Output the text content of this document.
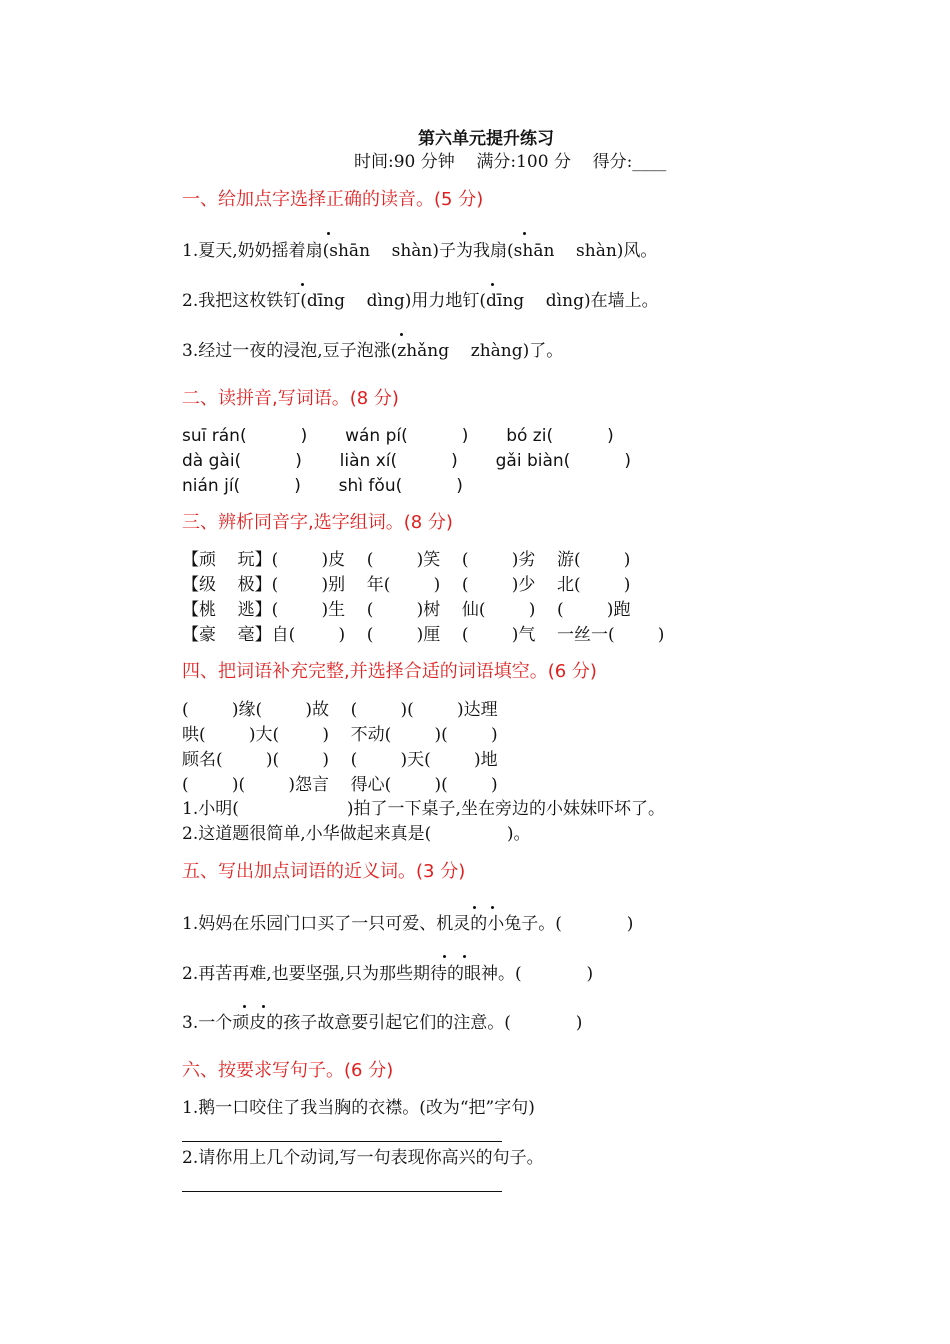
第六单元提升练习
时间:90 分钟    满分:100 分    得分:____
一、给加点字选择正确的读音。(5 分)
1.夏天,奶奶摇着扇(shān    shàn)子为我扇(shān    shàn)风。
2.我把这枚铁钉(dīng    dìng)用力地钉(dīng    dìng)在墙上。
3.经过一夜的浸泡,豆子泡涨(zhǎng    zhàng)了。
二、读拼音,写词语。(8 分)
suī rán(          )       wán pí(          )       bó zi(          )
dà gài(          )       liàn xí(          )       gǎi biàn(          )
nián jí(          )       shì fǒu(          )
三、辨析同音字,选字组词。(8 分)
【顽    玩】(        )皮    (        )笑    (        )劣    游(        )
【级    极】(        )别    年(        )    (        )少    北(        )
【桃    逃】(        )生    (        )树    仙(        )    (        )跑
【豪    毫】自(        )    (        )厘    (        )气    一丝一(        )
四、把词语补充完整,并选择合适的词语填空。(6 分)
(        )缘(        )故    (        )(        )达理
哄(        )大(        )    不动(        )(        )
顾名(        )(        )    (        )天(        )地
(        )(        )怨言    得心(        )(        )
1.小明(                    )拍了一下桌子,坐在旁边的小妹妹吓坏了。
2.这道题很简单,小华做起来真是(              )。
五、写出加点词语的近义词。(3 分)
1.妈妈在乐园门口买了一只可爱、机灵的小兔子。(            )
2.再苦再难,也要坚强,只为那些期待的眼神。(            )
3.一个顽皮的孩子故意要引起它们的注意。(            )
六、按要求写句子。(6 分)
1.鹅一口咬住了我当胸的衣襟。(改为“把”字句)
2.请你用上几个动词,写一句表现你高兴的句子。
